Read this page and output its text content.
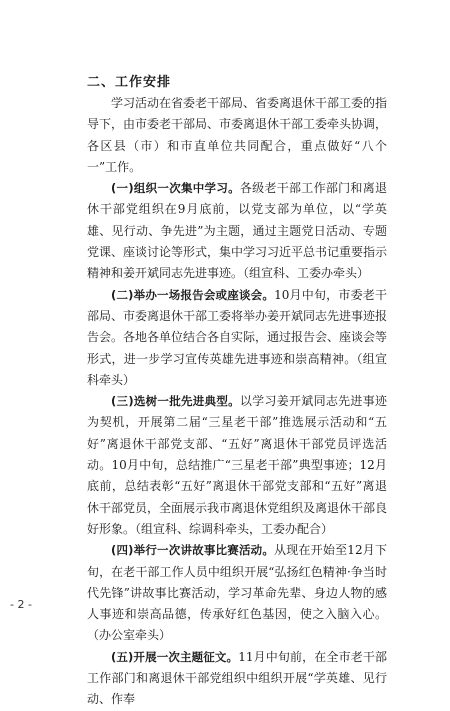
二、工作安排

学习活动在省委老干部局、省委离退休干部工委的指导下，由市委老干部局、市委离退休干部工委牵头协调，各区县（市）和市直单位共同配合，重点做好“八个一”工作。

(一)组织一次集中学习。各级老干部工作部门和离退休干部党组织在9月底前，以党支部为单位，以“学英雄、见行动、争先进”为主题，通过主题党日活动、专题党课、座谈讨论等形式，集中学习习近平总书记重要指示精神和姜开斌同志先进事迹。（组宣科、工委办牵头）

(二)举办一场报告会或座谈会。10月中旬，市委老干部局、市委离退休干部工委将举办姜开斌同志先进事迹报告会。各地各单位结合各自实际，通过报告会、座谈会等形式，进一步学习宣传英雄先进事迹和崇高精神。（组宣科牵头）

(三)选树一批先进典型。以学习姜开斌同志先进事迹为契机，开展第二届“三星老干部”推选展示活动和“五好”离退休干部党支部、“五好”离退休干部党员评选活动。10月中旬，总结推广“三星老干部”典型事迹；12月底前，总结表彰“五好”离退休干部党支部和“五好”离退休干部党员，全面展示我市离退休党组织及离退休干部良好形象。（组宣科、综调科牵头，工委办配合）

(四)举行一次讲故事比赛活动。从现在开始至12月下旬，在老干部工作人员中组织开展“弘扬红色精神·争当时代先锋”讲故事比赛活动，学习革命先辈、身边人物的感人事迹和崇高品德，传承好红色基因，使之入脑入心。（办公室牵头）

(五)开展一次主题征文。11月中旬前，在全市老干部工作部门和离退休干部党组织中组织开展“学英雄、见行动、作奉

- 2 -
